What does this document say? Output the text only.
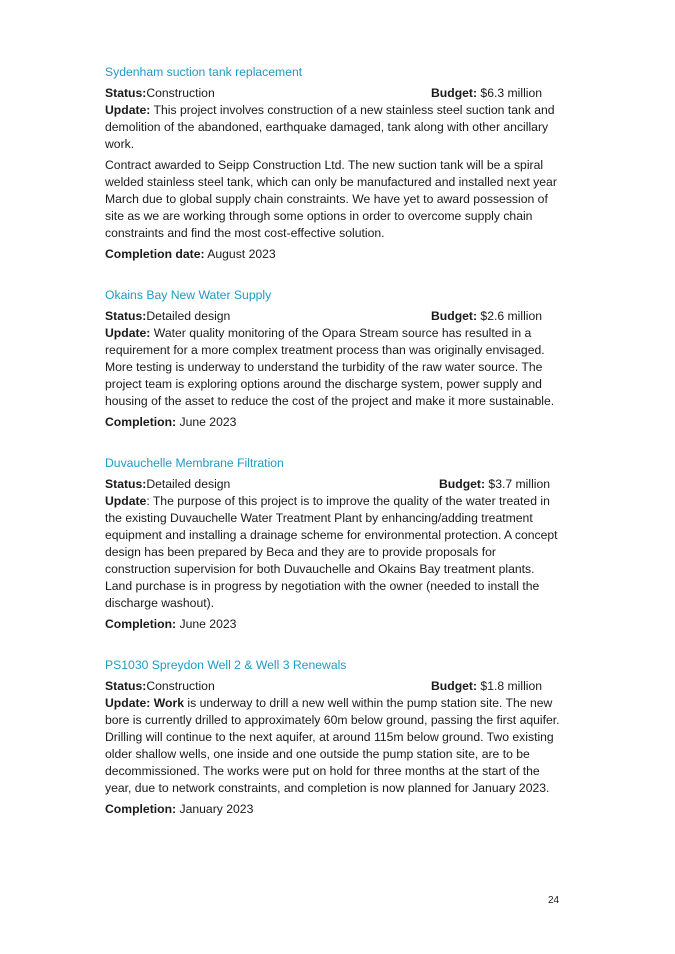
Sydenham suction tank replacement
Status: Construction	Budget: $6.3 million

Update: This project involves construction of a new stainless steel suction tank and demolition of the abandoned, earthquake damaged, tank along with other ancillary work.

Contract awarded to Seipp Construction Ltd. The new suction tank will be a spiral welded stainless steel tank, which can only be manufactured and installed next year March due to global supply chain constraints. We have yet to award possession of site as we are working through some options in order to overcome supply chain constraints and find the most cost-effective solution.

Completion date: August 2023
Okains Bay New Water Supply
Status: Detailed design	Budget: $2.6 million

Update: Water quality monitoring of the Opara Stream source has resulted in a requirement for a more complex treatment process than was originally envisaged. More testing is underway to understand the turbidity of the raw water source. The project team is exploring options around the discharge system, power supply and housing of the asset to reduce the cost of the project and make it more sustainable.

Completion: June 2023
Duvauchelle Membrane Filtration
Status: Detailed design	Budget: $3.7 million

Update: The purpose of this project is to improve the quality of the water treated in the existing Duvauchelle Water Treatment Plant by enhancing/adding treatment equipment and installing a drainage scheme for environmental protection. A concept design has been prepared by Beca and they are to provide proposals for construction supervision for both Duvauchelle and Okains Bay treatment plants. Land purchase is in progress by negotiation with the owner (needed to install the discharge washout).

Completion: June 2023
PS1030 Spreydon Well 2 & Well 3 Renewals
Status: Construction	Budget: $1.8 million

Update: Work is underway to drill a new well within the pump station site. The new bore is currently drilled to approximately 60m below ground, passing the first aquifer. Drilling will continue to the next aquifer, at around 115m below ground. Two existing older shallow wells, one inside and one outside the pump station site, are to be decommissioned. The works were put on hold for three months at the start of the year, due to network constraints, and completion is now planned for January 2023.

Completion: January 2023
24
